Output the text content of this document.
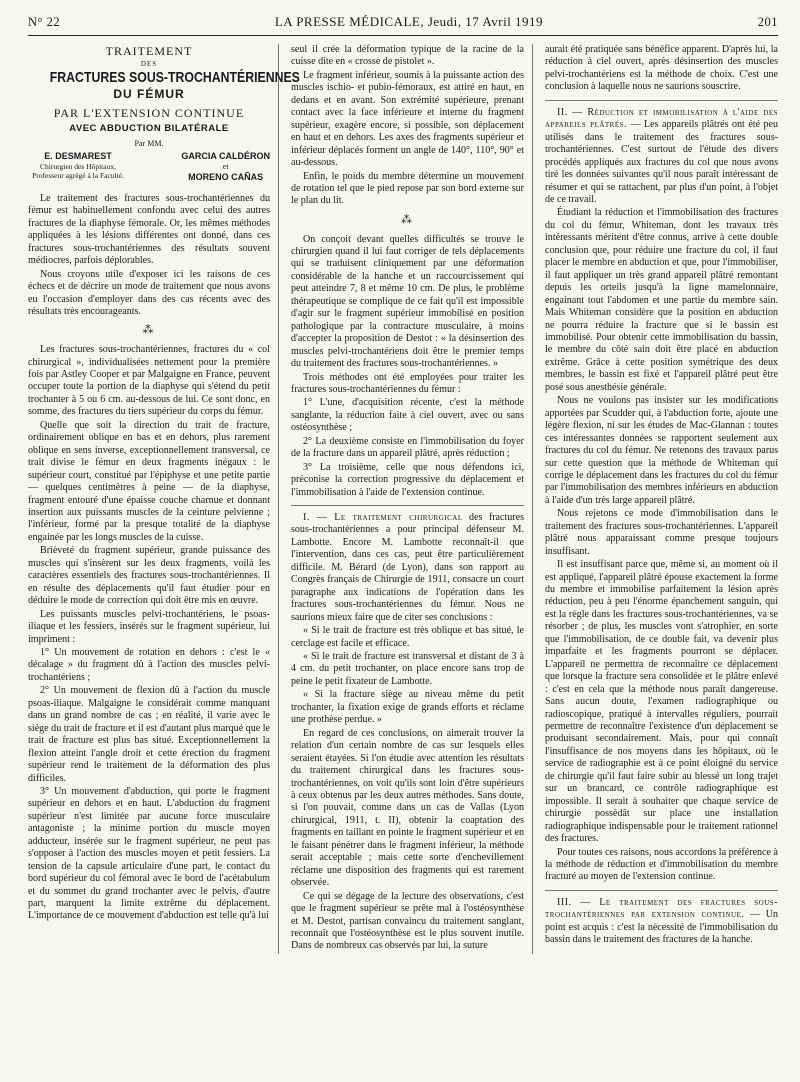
N° 22	LA PRESSE MÉDICALE, Jeudi, 17 Avril 1919	201
TRAITEMENT
DES
FRACTURES SOUS-TROCHANTÉRIENNES
DU FÉMUR
PAR L'EXTENSION CONTINUE
AVEC ABDUCTION BILATÉRALE
Par MM.
E. DESMAREST
Chirurgien des Hôpitaux, Professeur agrégé à la Faculté.
GARCIA CALDÉRON
et
MORENO CAÑAS

Le traitement des fractures sous-trochantériennes du fémur est habituellement confondu avec celui des autres fractures de la diaphyse fémorale. Or, les mêmes méthodes appliquées à les lésions différentes ont donné, dans ces fractures sous-trochantériennes des résultats souvent médiocres, parfois déplorables.

Nous croyons utile d'exposer ici les raisons de ces échecs et de décrire un mode de traitement que nous avons eu l'occasion d'employer dans des cas récents avec des résultats très encourageants.

⁂

Les fractures sous-trochantériennes, fractures du « col chirurgical », individualisées nettement pour la première fois par Astley Cooper et par Malgaigne en France, peuvent occuper toute la portion de la diaphyse qui s'étend du petit trochanter à 5 ou 6 cm. au-dessous de lui. Ce sont donc, en somme, des fractures du tiers supérieur du corps du fémur.

Quelle que soit la direction du trait de fracture, ordinairement oblique en bas et en dehors, plus rarement oblique en sens inverse, exceptionnellement transversal, ce trait divise le fémur en deux fragments inégaux : le supérieur court, constitué par l'épiphyse et une petite partie — quelques centimètres à peine — de la diaphyse, fragment entouré d'une épaisse couche charnue et donnant insertion aux puissants muscles de la ceinture pelvienne ; l'inférieur, formé par la presque totalité de la diaphyse engainée par les longs muscles de la cuisse.

Brièveté du fragment supérieur, grande puissance des muscles qui s'insèrent sur les deux fragments, voilà les caractères essentiels des fractures sous-trochantériennes. Il en résulte des déplacements qu'il faut étudier pour en déduire le mode de correction qui doit être mis en œuvre.

Les puissants muscles pelvi-trochantériens, le psoas-iliaque et les fessiers, insérés sur le fragment supérieur, lui impriment :

1° Un mouvement de rotation en dehors : c'est le « décalage » du fragment dû à l'action des muscles pelvi-trochantériens ;

2° Un mouvement de flexion dû à l'action du muscle psoas-iliaque. Malgaigne le considérait comme manquant dans un grand nombre de cas ; en réalité, il varie avec le siège du trait de fracture et il est d'autant plus marqué que le trait de fracture est plus bas situé. Exceptionnellement la flexion atteint l'angle droit et cette érection du fragment supérieur rend le traitement de la déformation des plus difficiles.

3° Un mouvement d'abduction, qui porte le fragment supérieur en dehors et en haut. L'abduction du fragment supérieur n'est limitée par aucune force musculaire antagoniste ; la minime portion du muscle moyen adducteur, insérée sur le fragment supérieur, ne peut pas s'opposer à l'action des muscles moyen et petit fessiers. La tension de la capsule articulaire d'une part, le contact du bord supérieur du col fémoral avec le bord de l'acétabulum et du sommet du grand trochanter avec le pelvis, d'autre part, marquent la limite extrême du déplacement. L'importance de ce mouvement d'abduction est telle qu'à lui

seul il crée la déformation typique de la racine de la cuisse dite en « crosse de pistolet ».

Le fragment inférieur, soumis à la puissante action des muscles ischio- et pubio-fémoraux, est attiré en haut, en dedans et en avant. Son extrémité supérieure, prenant contact avec la face inférieure et interne du fragment supérieur, exagère encore, si possible, son déplacement en haut et en dehors. Les axes des fragments supérieur et inférieur déplacés forment un angle de 140°, 110°, 90° et au-dessous.

Enfin, le poids du membre détermine un mouvement de rotation tel que le pied repose par son bord externe sur le plan du lit.

⁂

On conçoit devant quelles difficultés se trouve le chirurgien quand il lui faut corriger de tels déplacements qui se traduisent cliniquement par une déformation considérable de la hanche et un raccourcissement qui peut atteindre 7, 8 et même 10 cm. De plus, le problème thérapeutique se complique de ce fait qu'il est impossible d'agir sur le fragment supérieur immobilisé en position pathologique par la contracture musculaire, à moins d'accepter la proposition de Destot : « la désinsertion des muscles pelvi-trochantériens doit être le premier temps du traitement des fractures sous-trochantériennes. »

Trois méthodes ont été employées pour traiter les fractures sous-trochantériennes du fémur :

1° L'une, d'acquisition récente, c'est la méthode sanglante, la réduction faite à ciel ouvert, avec ou sans ostéosynthèse ;

2° La deuxième consiste en l'immobilisation du foyer de la fracture dans un appareil plâtré, après réduction ;

3° La troisième, celle que nous défendons ici, préconise la correction progressive du déplacement et l'immobilisation à l'aide de l'extension continue.

I. — Le traitement chirurgical des fractures sous-trochantériennes a pour principal défenseur M. Lambotte. Encore M. Lambotte reconnaît-il que l'intervention, dans ces cas, peut être particulièrement difficile. M. Bérard (de Lyon), dans son rapport au Congrès français de Chirurgie de 1911, consacre un court paragraphe aux indications de l'opération dans les fractures sous-trochantériennes du fémur. Nous ne saurions mieux faire que de citer ses conclusions :

« Si le trait de fracture est très oblique et bas situé, le cerclage est facile et efficace.

« Si le trait de fracture est transversal et distant de 3 à 4 cm. du petit trochanter, on place encore sans trop de peine le petit fixateur de Lambotte.

« Si la fracture siège au niveau même du petit trochanter, la fixation exige de grands efforts et réclame une prothèse perdue. »

En regard de ces conclusions, on aimerait trouver la relation d'un certain nombre de cas sur lesquels elles seraient étayées. Si l'on étudie avec attention les résultats du traitement chirurgical dans les fractures sous-trochantériennes, on voit qu'ils sont loin d'être supérieurs à ceux obtenus par les deux autres méthodes. Sans doute, si l'on pouvait, comme dans un cas de Vallas (Lyon chirurgical, 1911, t. II), obtenir la coaptation des fragments en taillant en pointe le fragment supérieur et en le faisant pénétrer dans le fragment inférieur, la méthode serait acceptable ; mais cette sorte d'enchevillement réclame une disposition des fragments qui est rarement observée.

Ce qui se dégage de la lecture des observations, c'est que le fragment supérieur se prête mal à l'ostéosynthèse et M. Destot, partisan convaincu du traitement sanglant, reconnaît que l'ostéosynthèse est le plus souvent inutile. Dans de nombreux cas observés par lui, la suture

aurait été pratiquée sans bénéfice apparent. D'après lui, la réduction à ciel ouvert, après désinsertion des muscles pelvi-trochantériens est la méthode de choix. C'est une conclusion à laquelle nous ne saurions souscrire.

II. — Réduction et immobilisation à l'aide des appareils plâtrés. — Les appareils plâtrés ont été peu utilisés dans le traitement des fractures sous-trochantériennes. C'est surtout de l'étude des divers procédés appliqués aux fractures du col que nous avons tiré les données suivantes qu'il nous paraît intéressant de résumer et qui se rattachent, par plus d'un point, à l'objet de ce travail.

Étudiant la réduction et l'immobilisation des fractures du col du fémur, Whiteman, dont les travaux très intéressants méritent d'être connus, arrive à cette double conclusion que, pour réduire une fracture du col, il faut placer le membre en abduction et que, pour l'immobiliser, il faut appliquer un très grand appareil plâtré remontant depuis les orteils jusqu'à la ligne mamelonnaire, engainant tout l'abdomen et une partie du membre sain. Mais Whiteman considère que la position en abduction ne pourra réduire la fracture que si le bassin est immobilisé. Pour obtenir cette immobilisation du bassin, le membre du côté sain doit être placé en abduction extrême. Grâce à cette position symétrique des deux membres, le bassin est fixé et l'appareil plâtré peut être posé sous anesthésie générale.

Nous ne voulons pas insister sur les modifications apportées par Scudder qui, à l'abduction forte, ajoute une légère flexion, ni sur les études de Mac-Glannan : toutes ces intéressantes données se rapportent seulement aux fractures du col du fémur. Ne retenons des travaux parus sur cette question que la méthode de Whiteman qui corrige le déplacement dans les fractures du col du fémur par l'immobilisation des membres inférieurs en abduction à l'aide d'un très large appareil plâtré.

Nous rejetons ce mode d'immobilisation dans le traitement des fractures sous-trochantériennes. L'appareil plâtré nous apparaissant comme presque toujours insuffisant.

Il est insuffisant parce que, même si, au moment où il est appliqué, l'appareil plâtré épouse exactement la forme du membre et immobilise parfaitement la lésion après réduction, peu à peu l'énorme épanchement sanguin, qui est la règle dans les fractures sous-trochantériennes, va se résorber ; de plus, les muscles vont s'atrophier, en sorte que l'immobilisation, de ce double fait, va devenir plus imparfaite et les fragments pourront se déplacer. L'appareil ne permettra de reconnaître ce déplacement que lorsque la fracture sera consolidée et le plâtre enlevé : c'est en cela que la méthode nous paraît dangereuse. Sans aucun doute, l'examen radiographique ou radioscopique, pratiqué à intervalles réguliers, pourrait permettre de reconnaître l'existence d'un déplacement se produisant secondairement. Mais, pour qui connaît l'insuffisance de nos moyens dans les hôpitaux, où le service de radiographie est à ce point éloigné du service de chirurgie qu'il faut faire subir au blessé un long trajet sur un brancard, ce contrôle radiographique est impossible. Il serait à souhaiter que chaque service de chirurgie possédât sur place une installation radiographique indispensable pour le traitement rationnel des fractures.

Pour toutes ces raisons, nous accordons la préférence à la méthode de réduction et d'immobilisation du membre fracturé au moyen de l'extension continue.

III. — Le traitement des fractures sous-trochantériennes par extension continue. — Un point est acquis : c'est la nécessité de l'immobilisation du bassin dans le traitement des fractures de la hanche.
